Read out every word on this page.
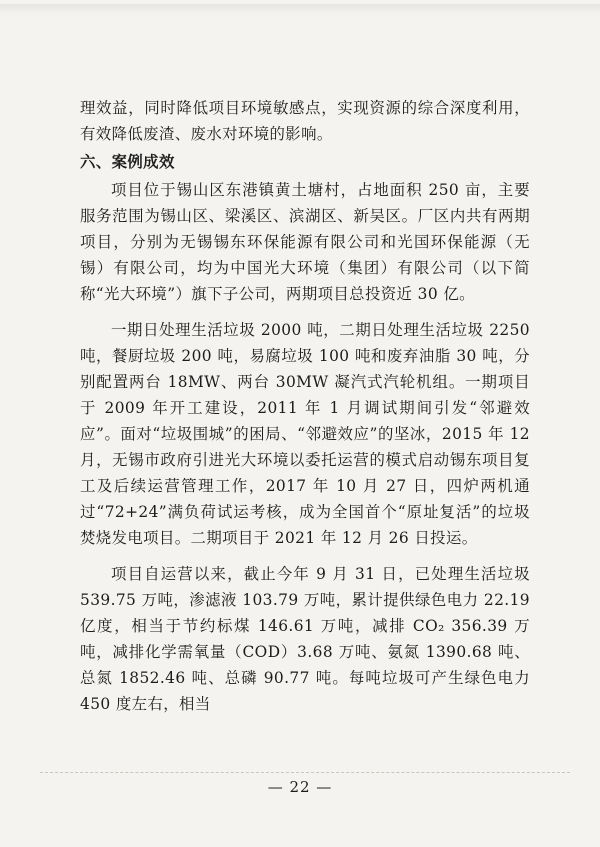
理效益，同时降低项目环境敏感点，实现资源的综合深度利用，有效降低废渣、废水对环境的影响。

六、案例成效

项目位于锡山区东港镇黄土塘村，占地面积 250 亩，主要服务范围为锡山区、梁溪区、滨湖区、新吴区。厂区内共有两期项目，分别为无锡锡东环保能源有限公司和光国环保能源（无锡）有限公司，均为中国光大环境（集团）有限公司（以下简称“光大环境”）旗下子公司，两期项目总投资近 30 亿。

一期日处理生活垃圾 2000 吨，二期日处理生活垃圾 2250 吨，餐厨垃圾 200 吨，易腐垃圾 100 吨和废弃油脂 30 吨，分别配置两台 18MW、两台 30MW 凝汽式汽轮机组。一期项目于 2009 年开工建设，2011 年 1 月调试期间引发“邻避效应”。面对“垃圾围城”的困局、“邻避效应”的坚冰，2015 年 12 月，无锡市政府引进光大环境以委托运营的模式启动锡东项目复工及后续运营管理工作，2017 年 10 月 27 日，四炉两机通过“72+24”满负荷试运考核，成为全国首个“原址复活”的垃圾焚烧发电项目。二期项目于 2021 年 12 月 26 日投运。

项目自运营以来，截止今年 9 月 31 日，已处理生活垃圾 539.75 万吨，渗滤液 103.79 万吨，累计提供绿色电力 22.19 亿度，相当于节约标煤 146.61 万吨，减排 CO₂ 356.39 万吨，减排化学需氧量（COD）3.68 万吨、氨氮 1390.68 吨、总氮 1852.46 吨、总磷 90.77 吨。每吨垃圾可产生绿色电力 450 度左右，相当

— 22 —
